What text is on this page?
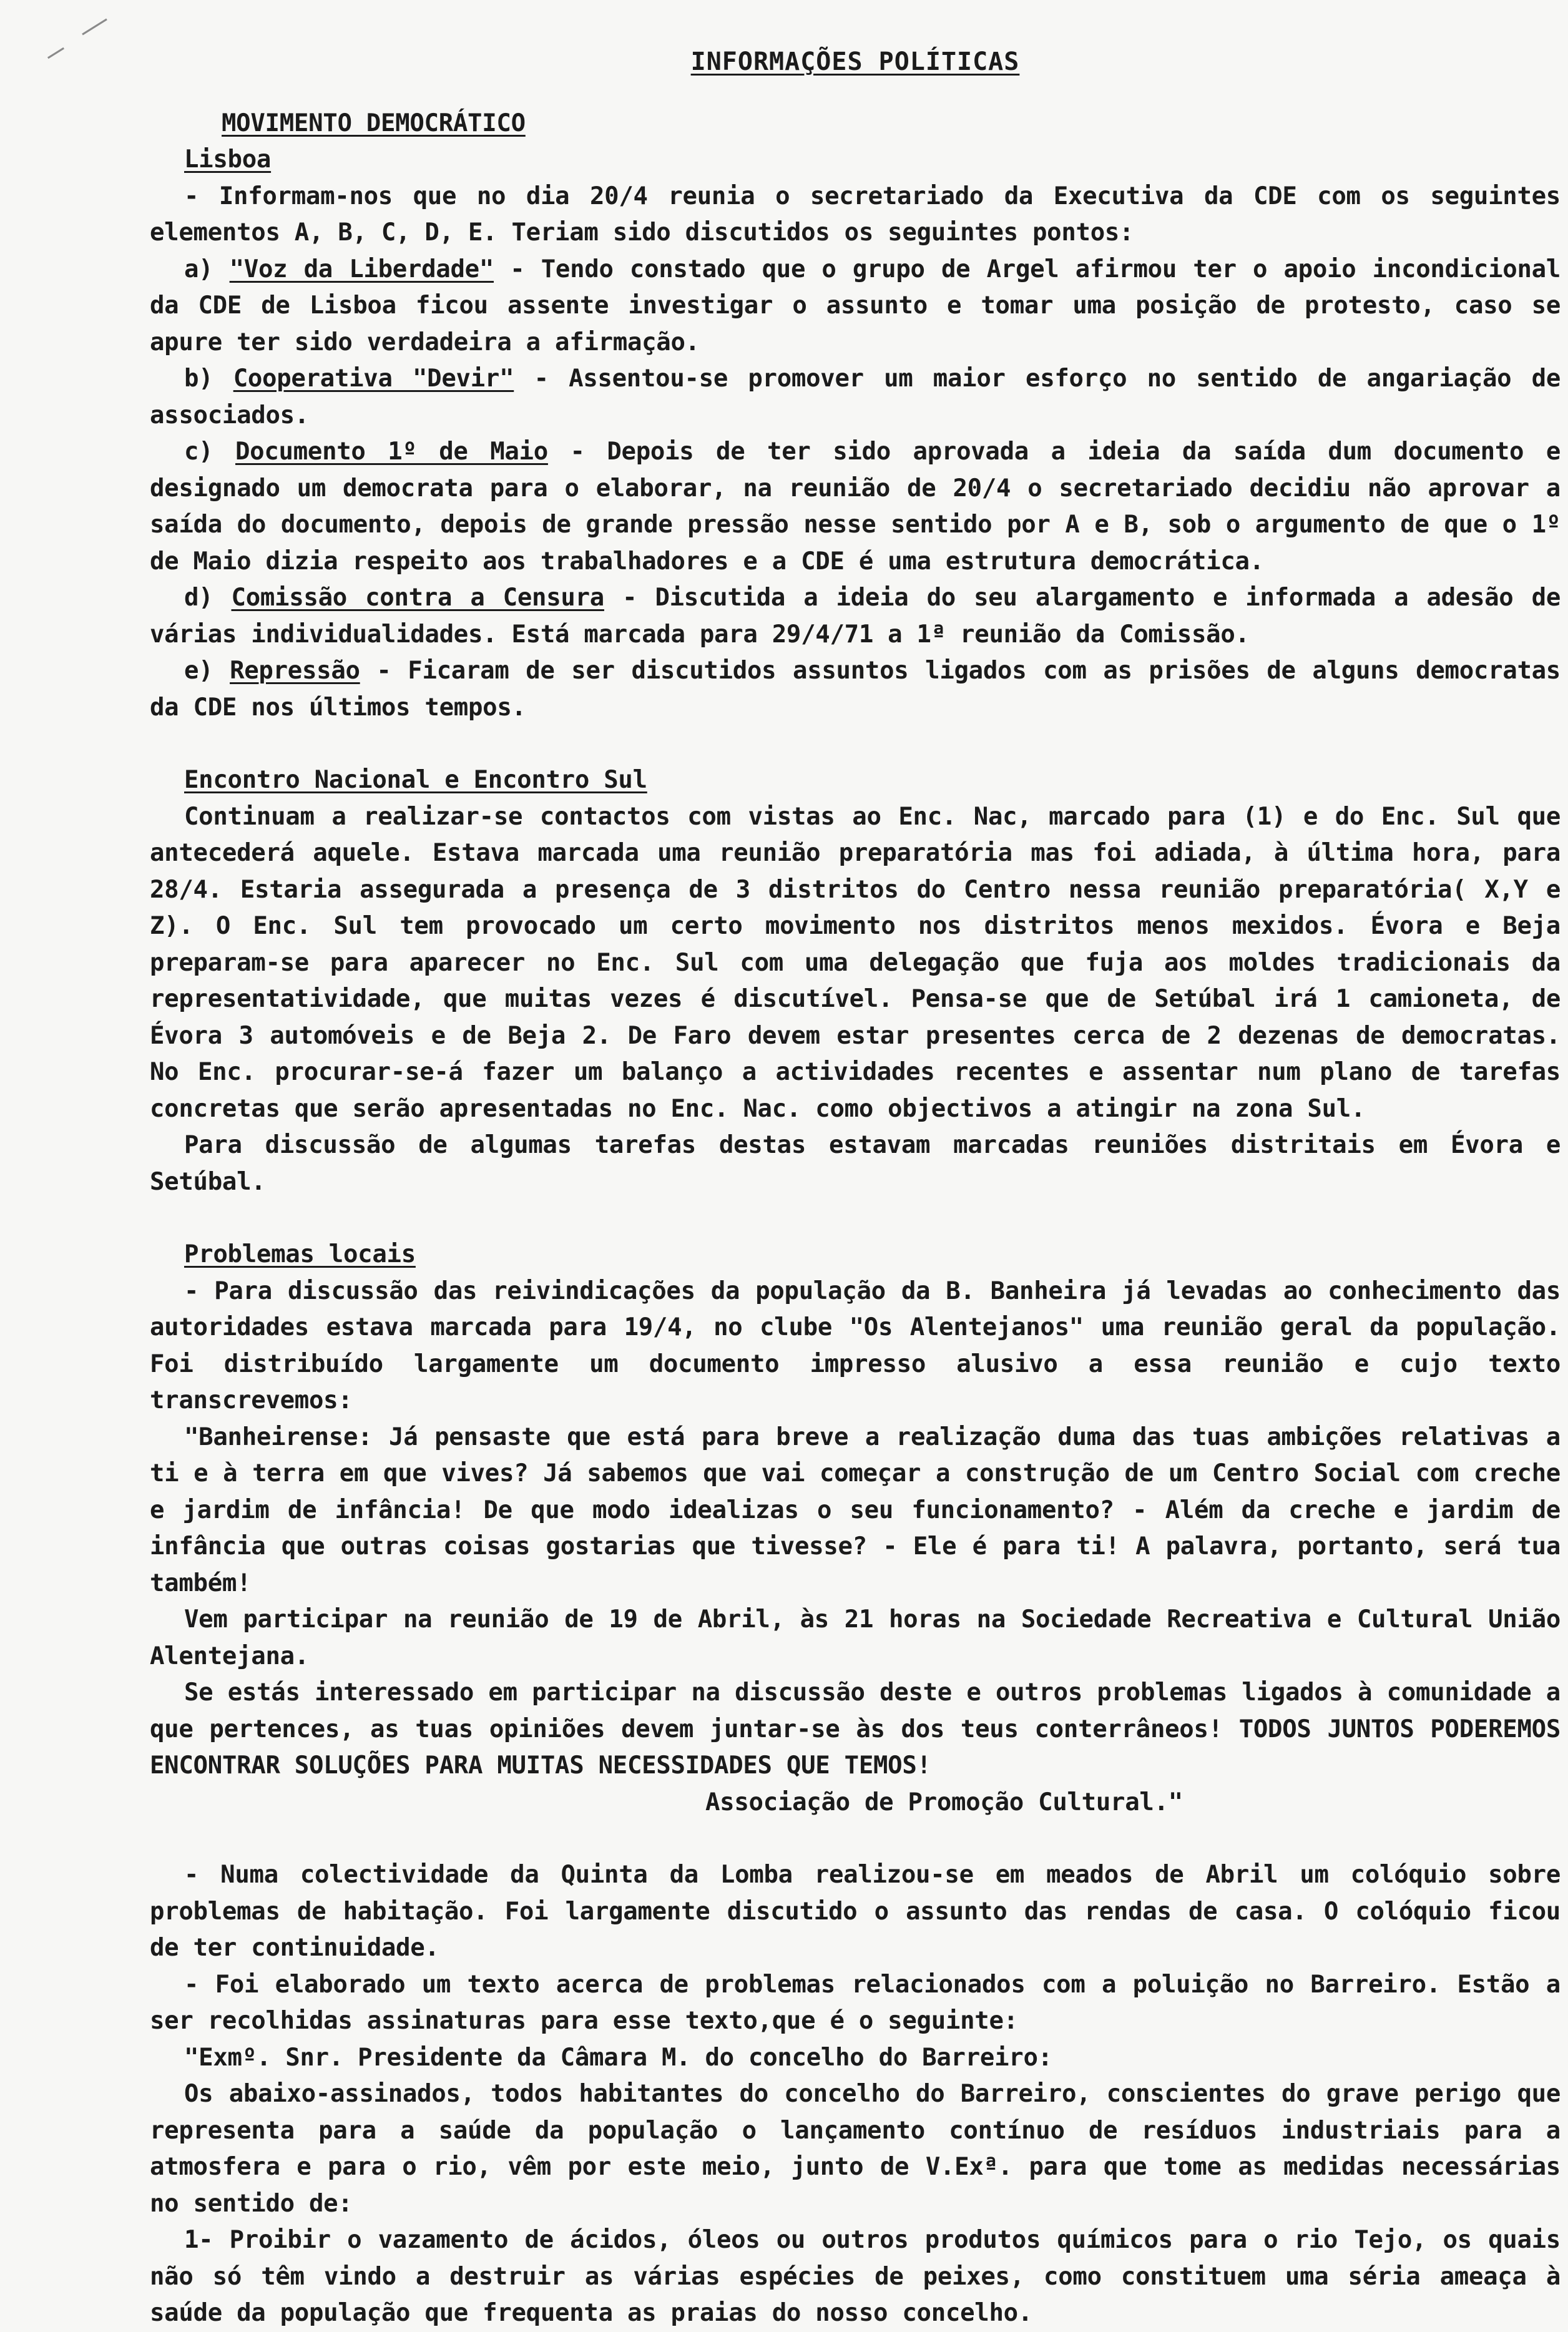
INFORMAÇÕES POLÍTICAS
MOVIMENTO DEMOCRÁTICO
Lisboa
- Informam-nos que no dia 20/4 reunia o secretariado da Executiva da CDE com os seguintes elementos A, B, C, D, E. Teriam sido discutidos os seguintes pontos:
a) "Voz da Liberdade" - Tendo constado que o grupo de Argel afirmou ter o apoio incondicional da CDE de Lisboa ficou assente investigar o assunto e tomar uma posição de protesto, caso se apure ter sido verdadeira a afirmação.
b) Cooperativa "Devir" - Assentou-se promover um maior esforço no sentido de angariação de associados.
c) Documento 1º de Maio - Depois de ter sido aprovada a ideia da saída dum documento e designado um democrata para o elaborar, na reunião de 20/4 o secretariado decidiu não aprovar a saída do documento, depois de grande pressão nesse sentido por A e B, sob o argumento de que o 1º de Maio dizia respeito aos trabalhadores e a CDE é uma estrutura democrática.
d) Comissão contra a Censura - Discutida a ideia do seu alargamento e informada a adesão de várias individualidades. Está marcada para 29/4/71 a 1ª reunião da Comissão.
e) Repressão - Ficaram de ser discutidos assuntos ligados com as prisões de alguns democratas da CDE nos últimos tempos.
Encontro Nacional e Encontro Sul
Continuam a realizar-se contactos com vistas ao Enc. Nac, marcado para (1) e do Enc. Sul que antecederá aquele. Estava marcada uma reunião preparatória mas foi adiada, à última hora, para 28/4. Estaria assegurada a presença de 3 distritos do Centro nessa reunião preparatória( X,Y e Z). O Enc. Sul tem provocado um certo movimento nos distritos menos mexidos. Évora e Beja preparam-se para aparecer no Enc. Sul com uma delegação que fuja aos moldes tradicionais da representatividade, que muitas vezes é discutível. Pensa-se que de Setúbal irá 1 camioneta, de Évora 3 automóveis e de Beja 2. De Faro devem estar presentes cerca de 2 dezenas de democratas. No Enc. procurar-se-á fazer um balanço a actividades recentes e assentar num plano de tarefas concretas que serão apresentadas no Enc. Nac. como objectivos a atingir na zona Sul.
Para discussão de algumas tarefas destas estavam marcadas reuniões distritais em Évora e Setúbal.
Problemas locais
- Para discussão das reivindicações da população da B. Banheira já levadas ao conhecimento das autoridades estava marcada para 19/4, no clube "Os Alentejanos" uma reunião geral da população. Foi distribuído largamente um documento impresso alusivo a essa reunião e cujo texto transcrevemos:
"Banheirense: Já pensaste que está para breve a realização duma das tuas ambições relativas a ti e à terra em que vives? Já sabemos que vai começar a construção de um Centro Social com creche e jardim de infância! De que modo idealizas o seu funcionamento? - Além da creche e jardim de infância que outras coisas gostarias que tivesse? - Ele é para ti! A palavra, portanto, será tua também!
Vem participar na reunião de 19 de Abril, às 21 horas na Sociedade Recreativa e Cultural União Alentejana.
Se estás interessado em participar na discussão deste e outros problemas ligados à comunidade a que pertences, as tuas opiniões devem juntar-se às dos teus conterrâneos! TODOS JUNTOS PODEREMOS ENCONTRAR SOLUÇÕES PARA MUITAS NECESSIDADES QUE TEMOS!
Associação de Promoção Cultural."
- Numa colectividade da Quinta da Lomba realizou-se em meados de Abril um colóquio sobre problemas de habitação. Foi largamente discutido o assunto das rendas de casa. O colóquio ficou de ter continuidade.
- Foi elaborado um texto acerca de problemas relacionados com a poluição no Barreiro. Estão a ser recolhidas assinaturas para esse texto,que é o seguinte:
"Exmº. Snr. Presidente da Câmara M. do concelho do Barreiro:
Os abaixo-assinados, todos habitantes do concelho do Barreiro, conscientes do grave perigo que representa para a saúde da população o lançamento contínuo de resíduos industriais para a atmosfera e para o rio, vêm por este meio, junto de V.Exª. para que tome as medidas necessárias no sentido de:
1- Proibir o vazamento de ácidos, óleos ou outros produtos químicos para o rio Tejo, os quais não só têm vindo a destruir as várias espécies de peixes, como constituem uma séria ameaça à saúde da população que frequenta as praias do nosso concelho.
